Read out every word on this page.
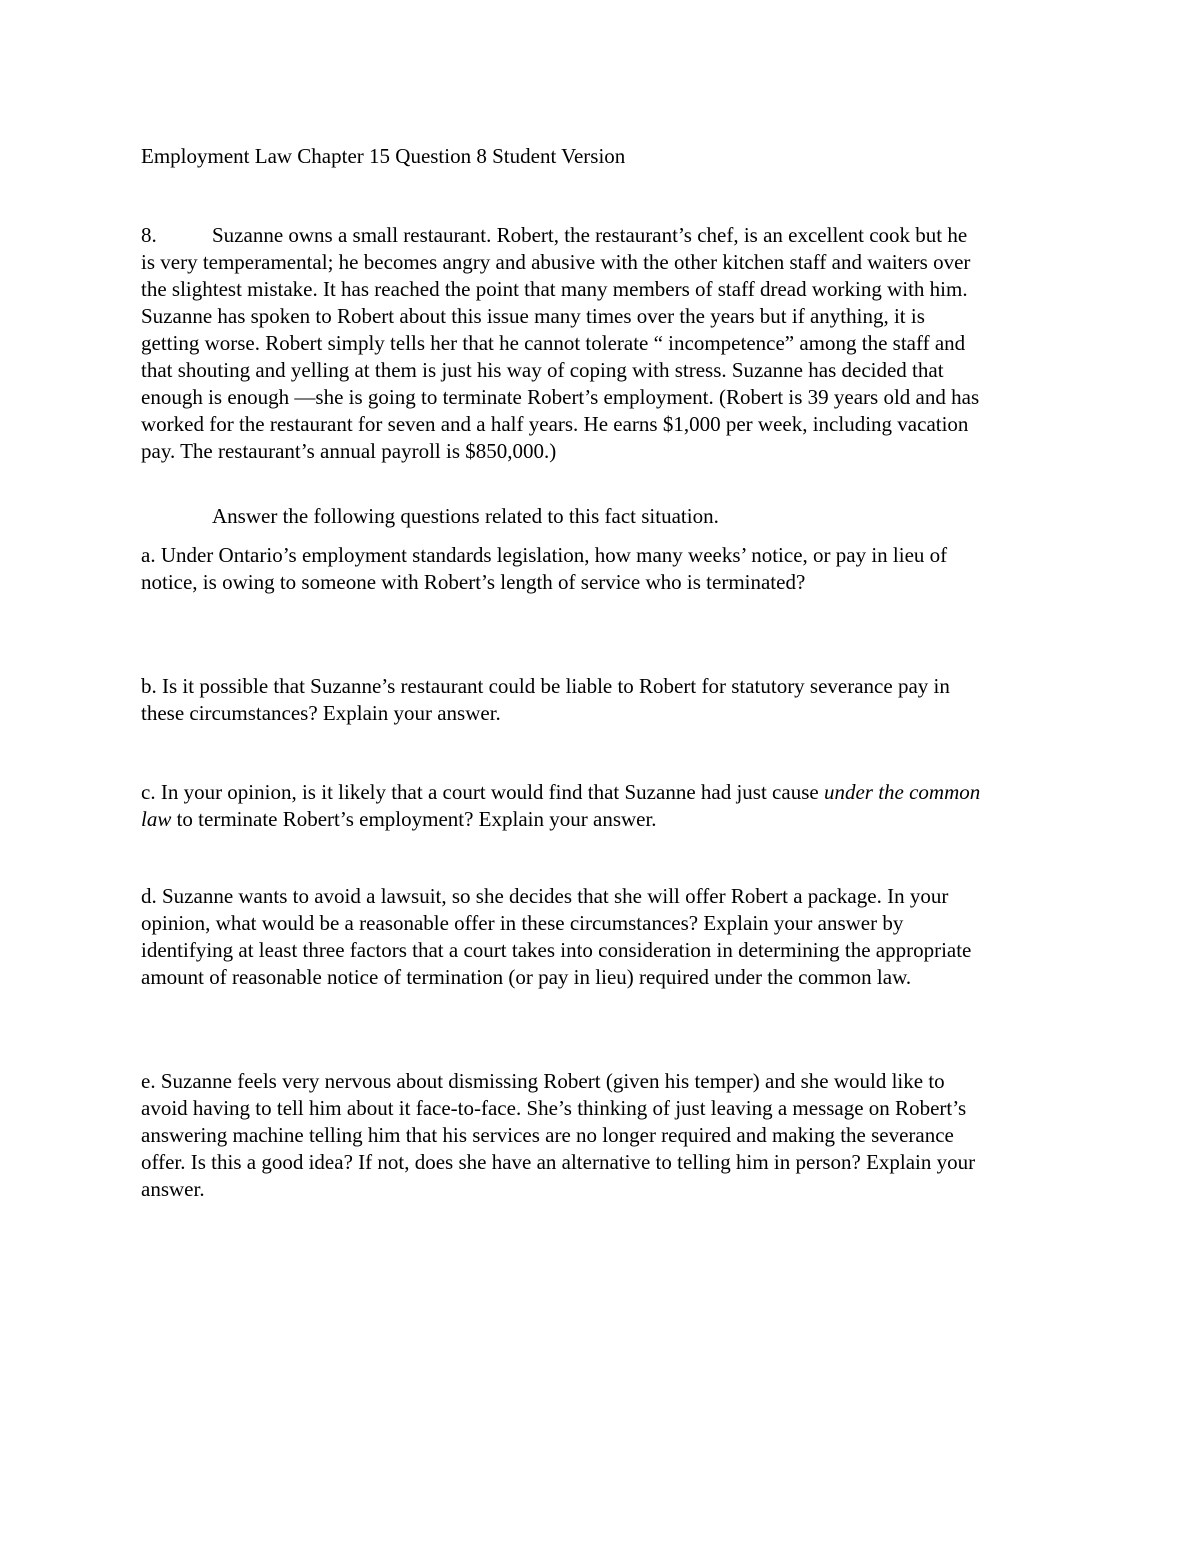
Employment Law Chapter 15 Question 8 Student Version

8.	Suzanne owns a small restaurant. Robert, the restaurant’s chef, is an excellent cook but he is very temperamental; he becomes angry and abusive with the other kitchen staff and waiters over the slightest mistake. It has reached the point that many members of staff dread working with him. Suzanne has spoken to Robert about this issue many times over the years but if anything, it is getting worse. Robert simply tells her that he cannot tolerate “ incompetence” among the staff and that shouting and yelling at them is just his way of coping with stress. Suzanne has decided that enough is enough —she is going to terminate Robert’s employment. (Robert is 39 years old and has worked for the restaurant for seven and a half years. He earns $1,000 per week, including vacation pay. The restaurant’s annual payroll is $850,000.)

Answer the following questions related to this fact situation.

a. Under Ontario’s employment standards legislation, how many weeks’ notice, or pay in lieu of notice, is owing to someone with Robert’s length of service who is terminated?

b. Is it possible that Suzanne’s restaurant could be liable to Robert for statutory severance pay in these circumstances? Explain your answer.

c. In your opinion, is it likely that a court would find that Suzanne had just cause under the common law to terminate Robert’s employment? Explain your answer.

d. Suzanne wants to avoid a lawsuit, so she decides that she will offer Robert a package. In your opinion, what would be a reasonable offer in these circumstances? Explain your answer by identifying at least three factors that a court takes into consideration in determining the appropriate amount of reasonable notice of termination (or pay in lieu) required under the common law.

e. Suzanne feels very nervous about dismissing Robert (given his temper) and she would like to avoid having to tell him about it face-to-face. She’s thinking of just leaving a message on Robert’s answering machine telling him that his services are no longer required and making the severance offer. Is this a good idea? If not, does she have an alternative to telling him in person? Explain your answer.
